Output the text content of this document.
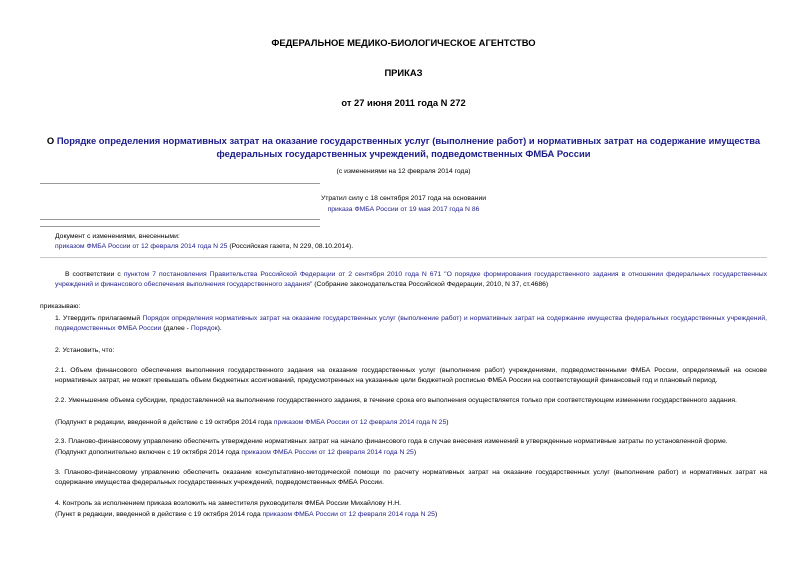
ФЕДЕРАЛЬНОЕ МЕДИКО-БИОЛОГИЧЕСКОЕ АГЕНТСТВО
ПРИКАЗ
от 27 июня 2011 года N 272
О Порядке определения нормативных затрат на оказание государственных услуг (выполнение работ) и нормативных затрат на содержание имущества
федеральных государственных учреждений, подведомственных ФМБА России
(с изменениями на 12 февраля 2014 года)
Утратил силу с 18 сентября 2017 года на основании
приказа ФМБА России от 19 мая 2017 года N 86
Документ с изменениями, внесенными:
приказом ФМБА России от 12 февраля 2014 года N 25 (Российская газета, N 229, 08.10.2014).
В соответствии с пунктом 7 постановления Правительства Российской Федерации от 2 сентября 2010 года N 671 "О порядке формирования государственного задания в отношении федеральных государственных учреждений и финансового обеспечения выполнения государственного задания" (Собрание законодательства Российской Федерации, 2010, N 37, ст.4686)
приказываю:
1. Утвердить прилагаемый Порядок определения нормативных затрат на оказание государственных услуг (выполнение работ) и нормативных затрат на содержание имущества федеральных государственных учреждений, подведомственных ФМБА России (далее - Порядок).
2. Установить, что:
2.1. Объем финансового обеспечения выполнения государственного задания на оказание государственных услуг (выполнение работ) учреждениями, подведомственными ФМБА России, определяемый на основе нормативных затрат, не может превышать объем бюджетных ассигнований, предусмотренных на указанные цели бюджетной росписью ФМБА России на соответствующий финансовый год и плановый период.
2.2. Уменьшение объема субсидии, предоставленной на выполнение государственного задания, в течение срока его выполнения осуществляется только при соответствующем изменении государственного задания.
(Подпункт в редакции, введенной в действие с 19 октября 2014 года приказом ФМБА России от 12 февраля 2014 года N 25)
2.3. Планово-финансовому управлению обеспечить утверждение нормативных затрат на начало финансового года в случае внесения изменений в утвержденные нормативные затраты по установленной форме.
(Подпункт дополнительно включен с 19 октября 2014 года приказом ФМБА России от 12 февраля 2014 года N 25)
3. Планово-финансовому управлению обеспечить оказание консультативно-методической помощи по расчету нормативных затрат на оказание государственных услуг (выполнение работ) и нормативных затрат на содержание имущества федеральных государственных учреждений, подведомственных ФМБА России.
4. Контроль за исполнением приказа возложить на заместителя руководителя ФМБА России Михайлову Н.Н.
(Пункт в редакции, введенной в действие с 19 октября 2014 года приказом ФМБА России от 12 февраля 2014 года N 25)
